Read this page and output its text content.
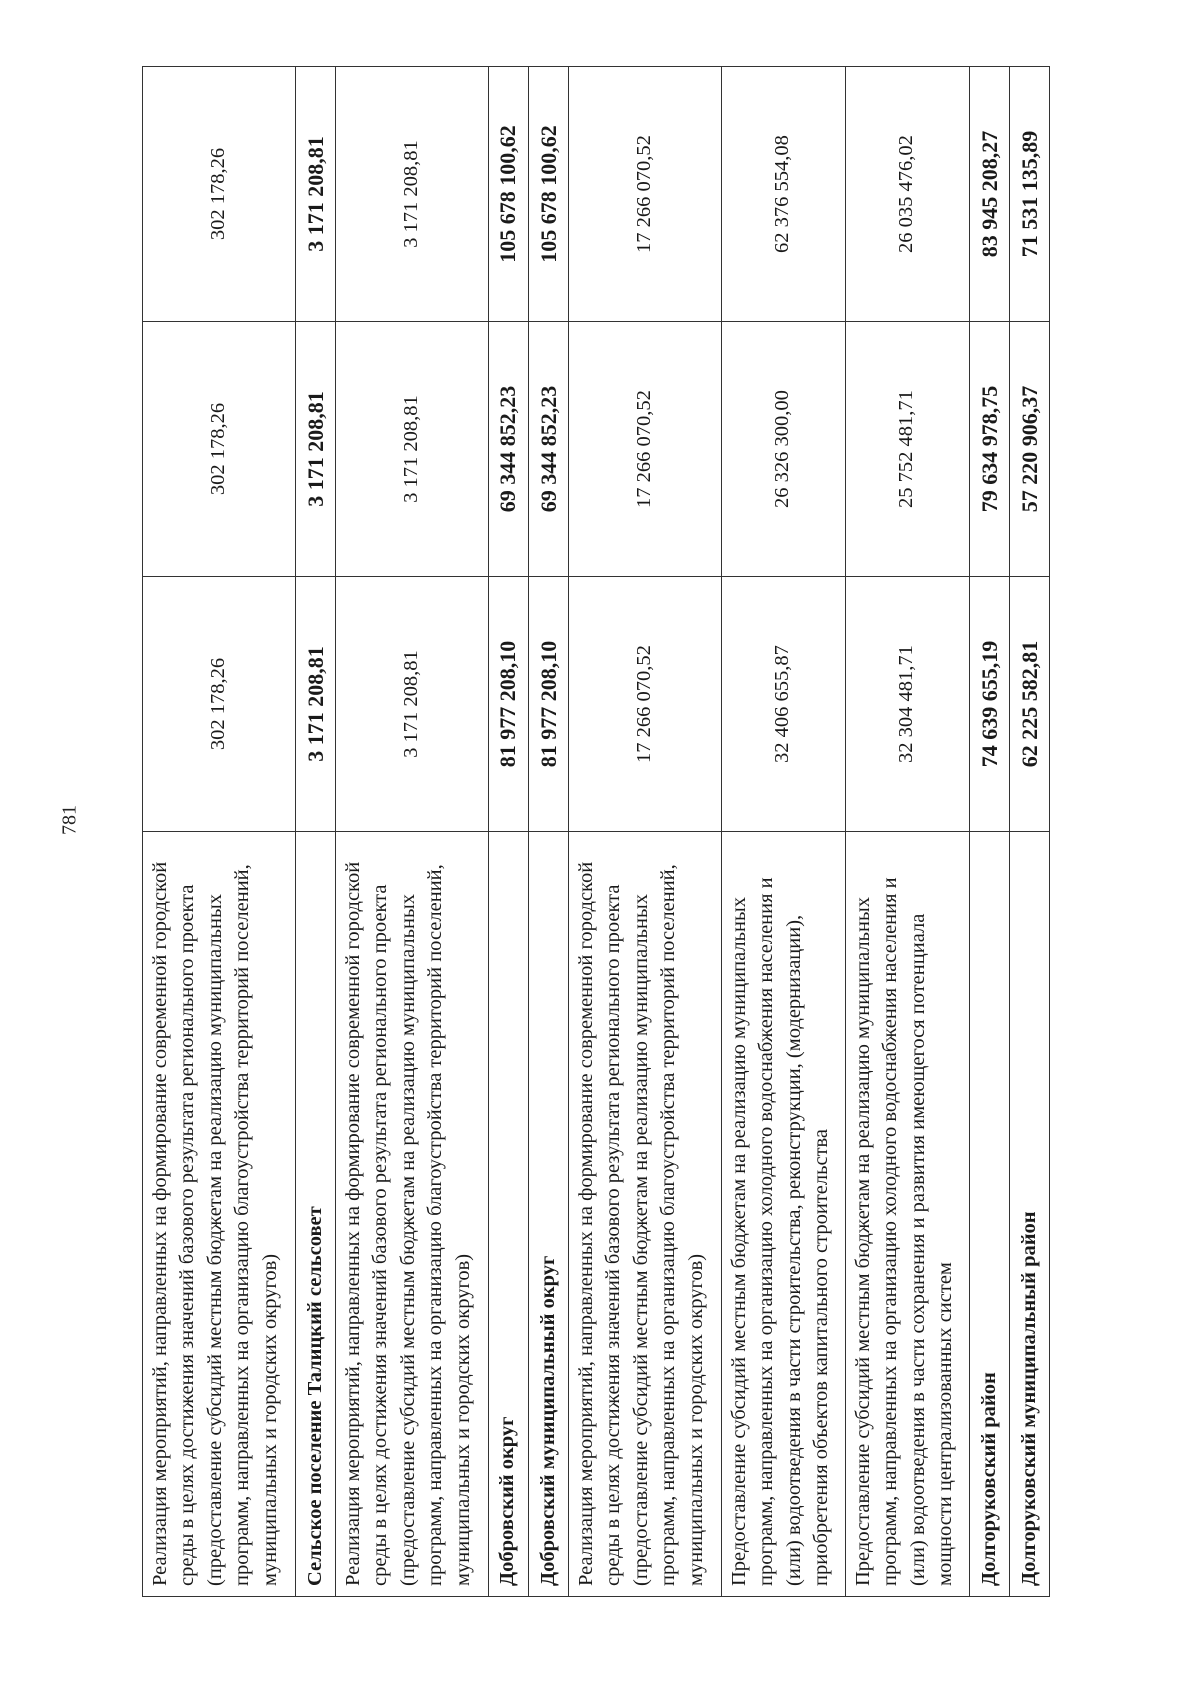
781
Реализация мероприятий, направленных на формирование современной городской среды в целях достижения значений базового результата регионального проекта (предоставление субсидий местным бюджетам на реализацию муниципальных программ, направленных на организацию благоустройства территорий поселений, муниципальных и городских округов)	302 178,26	302 178,26	302 178,26
Сельское поселение Талицкий сельсовет	3 171 208,81	3 171 208,81	3 171 208,81
Реализация мероприятий, направленных на формирование современной городской среды в целях достижения значений базового результата регионального проекта (предоставление субсидий местным бюджетам на реализацию муниципальных программ, направленных на организацию благоустройства территорий поселений, муниципальных и городских округов)	3 171 208,81	3 171 208,81	3 171 208,81
Добровский округ	81 977 208,10	69 344 852,23	105 678 100,62
Добровский муниципальный округ	81 977 208,10	69 344 852,23	105 678 100,62
Реализация мероприятий, направленных на формирование современной городской среды в целях достижения значений базового результата регионального проекта (предоставление субсидий местным бюджетам на реализацию муниципальных программ, направленных на организацию благоустройства территорий поселений, муниципальных и городских округов)	17 266 070,52	17 266 070,52	17 266 070,52
Предоставление субсидий местным бюджетам на реализацию муниципальных программ, направленных на организацию холодного водоснабжения населения и (или) водоотведения в части строительства, реконструкции, (модернизации), приобретения объектов капитального строительства	32 406 655,87	26 326 300,00	62 376 554,08
Предоставление субсидий местным бюджетам на реализацию муниципальных программ, направленных на организацию холодного водоснабжения населения и (или) водоотведения в части сохранения и развития имеющегося потенциала мощности централизованных систем	32 304 481,71	25 752 481,71	26 035 476,02
Долгоруковский район	74 639 655,19	79 634 978,75	83 945 208,27
Долгоруковский муниципальный район	62 225 582,81	57 220 906,37	71 531 135,89
